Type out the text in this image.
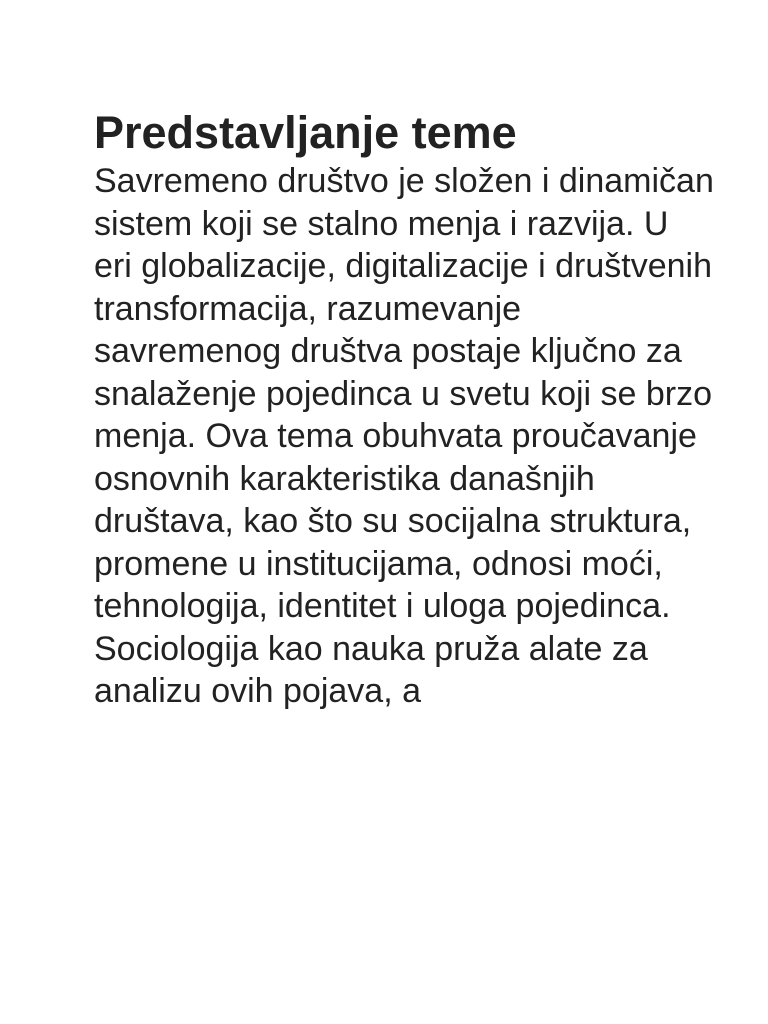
Predstavljanje teme

Savremeno društvo je složen i dinamičan sistem koji se stalno menja i razvija. U eri globalizacije, digitalizacije i društvenih transformacija, razumevanje savremenog društva postaje ključno za snalaženje pojedinca u svetu koji se brzo menja. Ova tema obuhvata proučavanje osnovnih karakteristika današnjih društava, kao što su socijalna struktura, promene u institucijama, odnosi moći, tehnologija, identitet i uloga pojedinca.

Sociologija kao nauka pruža alate za analizu ovih pojava, a
